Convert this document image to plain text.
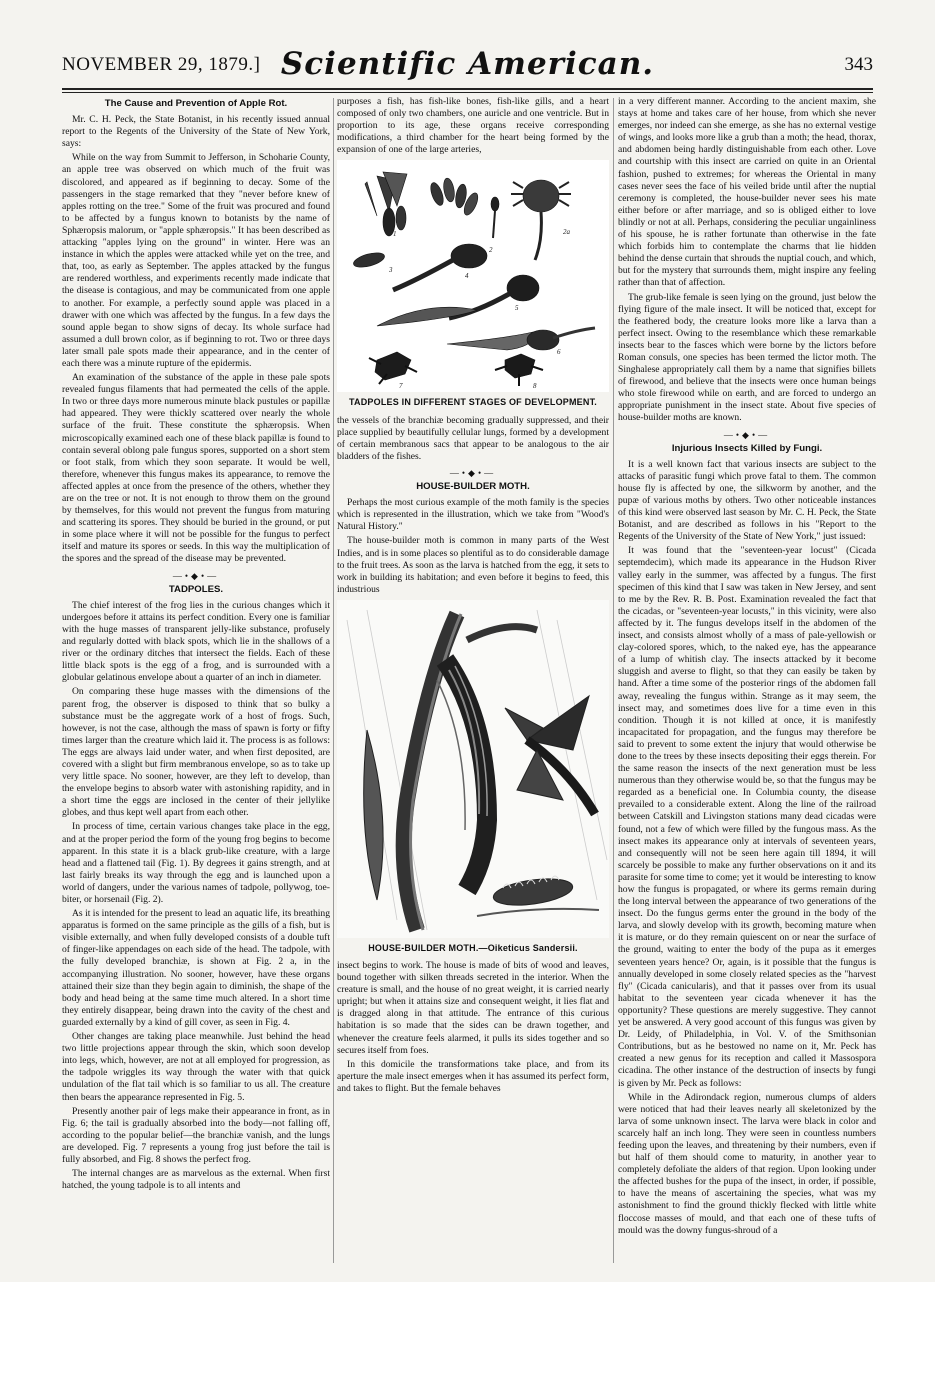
NOVEMBER 29, 1879.] Scientific American.	343
The Cause and Prevention of Apple Rot.

Mr. C. H. Peck, the State Botanist, in his recently issued annual report to the Regents of the University of the State of New York, says:

While on the way from Summit to Jefferson, in Schoharie County, an apple tree was observed on which much of the fruit was discolored, and appeared as if beginning to decay. Some of the passengers in the stage remarked that they "never before knew of apples rotting on the tree." Some of the fruit was procured and found to be affected by a fungus known to botanists by the name of Sphæropsis malorum, or "apple sphæropsis." It has been described as attacking "apples lying on the ground" in winter. Here was an instance in which the apples were attacked while yet on the tree, and that, too, as early as September. The apples attacked by the fungus are rendered worthless, and experiments recently made indicate that the disease is contagious, and may be communicated from one apple to another. For example, a perfectly sound apple was placed in a drawer with one which was affected by the fungus. In a few days the sound apple began to show signs of decay. Its whole surface had assumed a dull brown color, as if beginning to rot. Two or three days later small pale spots made their appearance, and in the center of each there was a minute rupture of the epidermis.

An examination of the substance of the apple in these pale spots revealed fungus filaments that had permeated the cells of the apple. In two or three days more numerous minute black pustules or papillæ had appeared. They were thickly scattered over nearly the whole surface of the fruit. These constitute the sphæropsis. When microscopically examined each one of these black papillæ is found to contain several oblong pale fungus spores, supported on a short stem or foot stalk, from which they soon separate. It would be well, therefore, whenever this fungus makes its appearance, to remove the affected apples at once from the presence of the others, whether they are on the tree or not. It is not enough to throw them on the ground by themselves, for this would not prevent the fungus from maturing and scattering its spores. They should be buried in the ground, or put in some place where it will not be possible for the fungus to perfect itself and mature its spores or seeds. In this way the multiplication of the spores and the spread of the disease may be prevented.

—•◆•—
TADPOLES.

The chief interest of the frog lies in the curious changes which it undergoes before it attains its perfect condition. Every one is familiar with the huge masses of transparent jelly-like substance, profusely and regularly dotted with black spots, which lie in the shallows of a river or the ordinary ditches that intersect the fields. Each of these little black spots is the egg of a frog, and is surrounded with a globular gelatinous envelope about a quarter of an inch in diameter.

On comparing these huge masses with the dimensions of the parent frog, the observer is disposed to think that so bulky a substance must be the aggregate work of a host of frogs. Such, however, is not the case, although the mass of spawn is forty or fifty times larger than the creature which laid it. The process is as follows: The eggs are always laid under water, and when first deposited, are covered with a slight but firm membranous envelope, so as to take up very little space. No sooner, however, are they left to develop, than the envelope begins to absorb water with astonishing rapidity, and in a short time the eggs are inclosed in the center of their jellylike globes, and thus kept well apart from each other.

In process of time, certain various changes take place in the egg, and at the proper period the form of the young frog begins to become apparent. In this state it is a black grub-like creature, with a large head and a flattened tail (Fig. 1). By degrees it gains strength, and at last fairly breaks its way through the egg and is launched upon a world of dangers, under the various names of tadpole, pollywog, toe-biter, or horsenail (Fig. 2).

As it is intended for the present to lead an aquatic life, its breathing apparatus is formed on the same principle as the gills of a fish, but is visible externally, and when fully developed consists of a double tuft of finger-like appendages on each side of the head. The tadpole, with the fully developed branchiæ, is shown at Fig. 2 a, in the accompanying illustration. No sooner, however, have these organs attained their size than they begin again to diminish, the shape of the body and head being at the same time much altered. In a short time they entirely disappear, being drawn into the cavity of the chest and guarded externally by a kind of gill cover, as seen in Fig. 4.

Other changes are taking place meanwhile. Just behind the head two little projections appear through the skin, which soon develop into legs, which, however, are not at all employed for progression, as the tadpole wriggles its way through the water with that quick undulation of the flat tail which is so familiar to us all. The creature then bears the appearance represented in Fig. 5.

Presently another pair of legs make their appearance in front, as in Fig. 6; the tail is gradually absorbed into the body—not falling off, according to the popular belief—the branchiæ vanish, and the lungs are developed. Fig. 7 represents a young frog just before the tail is fully absorbed, and Fig. 8 shows the perfect frog.

The internal changes are as marvelous as the external. When first hatched, the young tadpole is to all intents and

purposes a fish, has fish-like bones, fish-like gills, and a heart composed of only two chambers, one auricle and one ventricle. But in proportion to its age, these organs receive corresponding modifications, a third chamber for the heart being formed by the expansion of one of the large arteries,

1
2
2a
3
4
5
6
7	8
TADPOLES IN DIFFERENT STAGES OF DEVELOPMENT.

the vessels of the branchiæ becoming gradually suppressed, and their place supplied by beautifully cellular lungs, formed by a development of certain membranous sacs that appear to be analogous to the air bladders of the fishes.

—•◆•—
HOUSE-BUILDER MOTH.

Perhaps the most curious example of the moth family is the species which is represented in the illustration, which we take from "Wood's Natural History."

The house-builder moth is common in many parts of the West Indies, and is in some places so plentiful as to do considerable damage to the fruit trees. As soon as the larva is hatched from the egg, it sets to work in building its habitation; and even before it begins to feed, this industrious

HOUSE-BUILDER MOTH.—Oiketicus Sandersii.

insect begins to work. The house is made of bits of wood and leaves, bound together with silken threads secreted in the interior. When the creature is small, and the house of no great weight, it is carried nearly upright; but when it attains size and consequent weight, it lies flat and is dragged along in that attitude. The entrance of this curious habitation is so made that the sides can be drawn together, and whenever the creature feels alarmed, it pulls its sides together and so secures itself from foes.

In this domicile the transformations take place, and from its aperture the male insect emerges when it has assumed its perfect form, and takes to flight. But the female behaves

in a very different manner. According to the ancient maxim, she stays at home and takes care of her house, from which she never emerges, nor indeed can she emerge, as she has no external vestige of wings, and looks more like a grub than a moth; the head, thorax, and abdomen being hardly distinguishable from each other. Love and courtship with this insect are carried on quite in an Oriental fashion, pushed to extremes; for whereas the Oriental in many cases never sees the face of his veiled bride until after the nuptial ceremony is completed, the house-builder never sees his mate either before or after marriage, and so is obliged either to love blindly or not at all. Perhaps, considering the peculiar ungainliness of his spouse, he is rather fortunate than otherwise in the fate which forbids him to contemplate the charms that lie hidden behind the dense curtain that shrouds the nuptial couch, and which, but for the mystery that surrounds them, might inspire any feeling rather than that of affection.

The grub-like female is seen lying on the ground, just below the flying figure of the male insect. It will be noticed that, except for the feathered body, the creature looks more like a larva than a perfect insect. Owing to the resemblance which these remarkable insects bear to the fasces which were borne by the lictors before Roman consuls, one species has been termed the lictor moth. The Singhalese appropriately call them by a name that signifies billets of firewood, and believe that the insects were once human beings who stole firewood while on earth, and are forced to undergo an appropriate punishment in the insect state. About five species of house-builder moths are known.

—•◆•—
Injurious Insects Killed by Fungi.

It is a well known fact that various insects are subject to the attacks of parasitic fungi which prove fatal to them. The common house fly is affected by one, the silkworm by another, and the pupæ of various moths by others. Two other noticeable instances of this kind were observed last season by Mr. C. H. Peck, the State Botanist, and are described as follows in his "Report to the Regents of the University of the State of New York," just issued:

It was found that the "seventeen-year locust" (Cicada septemdecim), which made its appearance in the Hudson River valley early in the summer, was affected by a fungus. The first specimen of this kind that I saw was taken in New Jersey, and sent to me by the Rev. R. B. Post. Examination revealed the fact that the cicadas, or "seventeen-year locusts," in this vicinity, were also affected by it. The fungus develops itself in the abdomen of the insect, and consists almost wholly of a mass of pale-yellowish or clay-colored spores, which, to the naked eye, has the appearance of a lump of whitish clay. The insects attacked by it become sluggish and averse to flight, so that they can easily be taken by hand. After a time some of the posterior rings of the abdomen fall away, revealing the fungus within. Strange as it may seem, the insect may, and sometimes does live for a time even in this condition. Though it is not killed at once, it is manifestly incapacitated for propagation, and the fungus may therefore be said to prevent to some extent the injury that would otherwise be done to the trees by these insects depositing their eggs therein. For the same reason the insects of the next generation must be less numerous than they otherwise would be, so that the fungus may be regarded as a beneficial one. In Columbia county, the disease prevailed to a considerable extent. Along the line of the railroad between Catskill and Livingston stations many dead cicadas were found, not a few of which were filled by the fungous mass. As the insect makes its appearance only at intervals of seventeen years, and consequently will not be seen here again till 1894, it will scarcely be possible to make any further observations on it and its parasite for some time to come; yet it would be interesting to know how the fungus is propagated, or where its germs remain during the long interval between the appearance of two generations of the insect. Do the fungus germs enter the ground in the body of the larva, and slowly develop with its growth, becoming mature when it is mature, or do they remain quiescent on or near the surface of the ground, waiting to enter the body of the pupa as it emerges seventeen years hence? Or, again, is it possible that the fungus is annually developed in some closely related species as the "harvest fly" (Cicada canicularis), and that it passes over from its usual habitat to the seventeen year cicada whenever it has the opportunity? These questions are merely suggestive. They cannot yet be answered. A very good account of this fungus was given by Dr. Leidy, of Philadelphia, in Vol. V. of the Smithsonian Contributions, but as he bestowed no name on it, Mr. Peck has created a new genus for its reception and called it Massospora cicadina. The other instance of the destruction of insects by fungi is given by Mr. Peck as follows:

While in the Adirondack region, numerous clumps of alders were noticed that had their leaves nearly all skeletonized by the larva of some unknown insect. The larva were black in color and scarcely half an inch long. They were seen in countless numbers feeding upon the leaves, and threatening by their numbers, even if but half of them should come to maturity, in another year to completely defoliate the alders of that region. Upon looking under the affected bushes for the pupa of the insect, in order, if possible, to have the means of ascertaining the species, what was my astonishment to find the ground thickly flecked with little white floccose masses of mould, and that each one of these tufts of mould was the downy fungus-shroud of a
